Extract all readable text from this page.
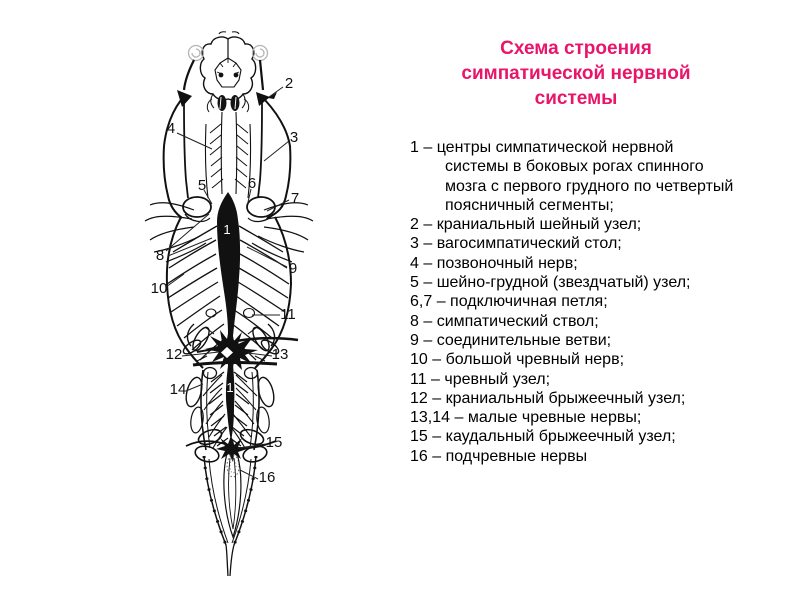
Схема строения
симпатической нервной
системы
1 – центры симпатической нервной системы в боковых рогах спинного мозга с первого грудного по четвертый поясничный сегменты;
2 – краниальный шейный узел;
3 – вагосимпатический стол;
4 – позвоночный нерв;
5 – шейно-грудной (звездчатый) узел;
6,7 – подключичная петля;
8 – симпатический ствол;
9 – соединительные ветви;
10 – большой чревный нерв;
11 – чревный узел;
12 – краниальный брыжеечный узел;
13,14 – малые чревные нервы;
15 – каудальный брыжеечный узел;
16 – подчревные нервы
1
1
2
3
4
5	6
7
8
9
10
11
12	13
14
15
16
